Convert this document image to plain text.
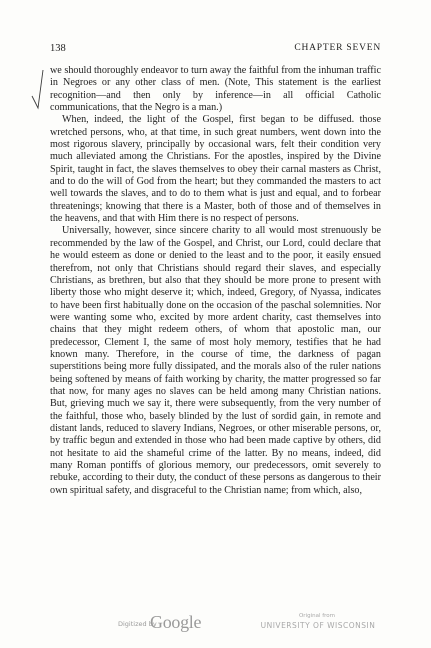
138	CHAPTER SEVEN

we should thoroughly endeavor to turn away the faithful from the inhuman traffic in Negroes or any other class of men. (Note, This statement is the earliest recognition—and then only by inference—in all official Catholic communications, that the Negro is a man.)

When, indeed, the light of the Gospel, first began to be diffused. those wretched persons, who, at that time, in such great numbers, went down into the most rigorous slavery, principally by occasional wars, felt their condition very much alleviated among the Christians. For the apostles, inspired by the Divine Spirit, taught in fact, the slaves themselves to obey their carnal masters as Christ, and to do the will of God from the heart; but they commanded the masters to act well towards the slaves, and to do to them what is just and equal, and to forbear threatenings; knowing that there is a Master, both of those and of themselves in the heavens, and that with Him there is no respect of persons.

Universally, however, since sincere charity to all would most strenuously be recommended by the law of the Gospel, and Christ, our Lord, could declare that he would esteem as done or denied to the least and to the poor, it easily ensued therefrom, not only that Christians should regard their slaves, and especially Christians, as brethren, but also that they should be more prone to present with liberty those who might deserve it; which, indeed, Gregory, of Nyassa, indicates to have been first habitually done on the occasion of the paschal solemnities. Nor were wanting some who, excited by more ardent charity, cast themselves into chains that they might redeem others, of whom that apostolic man, our predecessor, Clement I, the same of most holy memory, testifies that he had known many. Therefore, in the course of time, the darkness of pagan superstitions being more fully dissipated, and the morals also of the ruler nations being softened by means of faith working by charity, the matter progressed so far that now, for many ages no slaves can be held among many Christian nations. But, grieving much we say it, there were subsequently, from the very number of the faithful, those who, basely blinded by the lust of sordid gain, in remote and distant lands, reduced to slavery Indians, Negroes, or other miserable persons, or, by traffic begun and extended in those who had been made captive by others, did not hesitate to aid the shameful crime of the latter. By no means, indeed, did many Roman pontiffs of glorious memory, our predecessors, omit severely to rebuke, according to their duty, the conduct of these persons as dangerous to their own spiritual safety, and disgraceful to the Christian name; from which, also,

Digitized by
Google	Original from
UNIVERSITY OF WISCONSIN
